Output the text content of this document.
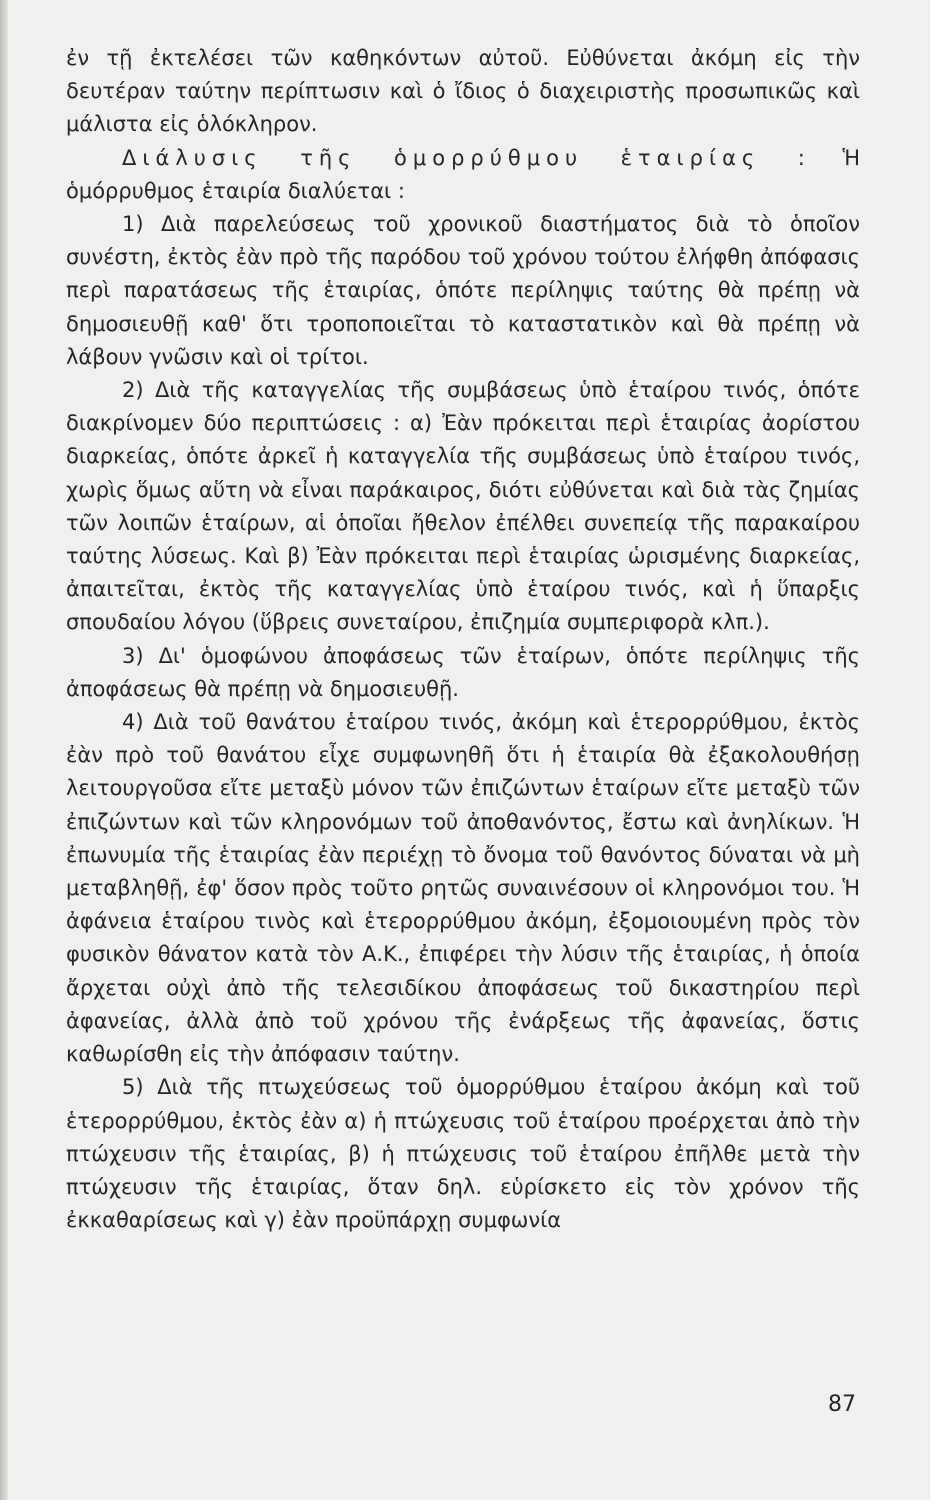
ἐν τῇ ἐκτελέσει τῶν καθηκόντων αὐτοῦ. Εὐθύνεται ἀκόμη εἰς τὴν δευτέραν ταύτην περίπτωσιν καὶ ὁ ἴδιος ὁ διαχειριστὴς προσωπικῶς καὶ μάλιστα εἰς ὁλόκληρον.

Διάλυσις τῆς ὁμορρύθμου ἑταιρίας : Ἡ ὁμόρρυθμος ἑταιρία διαλύεται :

1) Διὰ παρελεύσεως τοῦ χρονικοῦ διαστήματος διὰ τὸ ὁποῖον συνέστη, ἐκτὸς ἐὰν πρὸ τῆς παρόδου τοῦ χρόνου τούτου ἐλήφθη ἀπόφασις περὶ παρατάσεως τῆς ἑταιρίας, ὁπότε περίληψις ταύτης θὰ πρέπῃ νὰ δημοσιευθῇ καθ' ὅτι τροποποιεῖται τὸ καταστατικὸν καὶ θὰ πρέπῃ νὰ λάβουν γνῶσιν καὶ οἱ τρίτοι.

2) Διὰ τῆς καταγγελίας τῆς συμβάσεως ὑπὸ ἑταίρου τινός, ὁπότε διακρίνομεν δύο περιπτώσεις : α) Ἐὰν πρόκειται περὶ ἑταιρίας ἀορίστου διαρκείας, ὁπότε ἀρκεῖ ἡ καταγγελία τῆς συμβάσεως ὑπὸ ἑταίρου τινός, χωρὶς ὅμως αὕτη νὰ εἶναι παράκαιρος, διότι εὐθύνεται καὶ διὰ τὰς ζημίας τῶν λοιπῶν ἑταίρων, αἱ ὁποῖαι ἤθελον ἐπέλθει συνεπείᾳ τῆς παρακαίρου ταύτης λύσεως. Καὶ β) Ἐὰν πρόκειται περὶ ἑταιρίας ὡρισμένης διαρκείας, ἀπαιτεῖται, ἐκτὸς τῆς καταγγελίας ὑπὸ ἑταίρου τινός, καὶ ἡ ὕπαρξις σπουδαίου λόγου (ὕβρεις συνεταίρου, ἐπιζημία συμπεριφορὰ κλπ.).

3) Δι' ὁμοφώνου ἀποφάσεως τῶν ἑταίρων, ὁπότε περίληψις τῆς ἀποφάσεως θὰ πρέπῃ νὰ δημοσιευθῇ.

4) Διὰ τοῦ θανάτου ἑταίρου τινός, ἀκόμη καὶ ἑτερορρύθμου, ἐκτὸς ἐὰν πρὸ τοῦ θανάτου εἶχε συμφωνηθῆ ὅτι ἡ ἑταιρία θὰ ἐξακολουθήσῃ λειτουργοῦσα εἴτε μεταξὺ μόνον τῶν ἐπιζώντων ἑταίρων εἴτε μεταξὺ τῶν ἐπιζώντων καὶ τῶν κληρονόμων τοῦ ἀποθανόντος, ἔστω καὶ ἀνηλίκων. Ἡ ἐπωνυμία τῆς ἑταιρίας ἐὰν περιέχῃ τὸ ὄνομα τοῦ θανόντος δύναται νὰ μὴ μεταβληθῇ, ἐφ' ὅσον πρὸς τοῦτο ρητῶς συναινέσουν οἱ κληρονόμοι του. Ἡ ἀφάνεια ἑταίρου τινὸς καὶ ἑτερορρύθμου ἀκόμη, ἐξομοιουμένη πρὸς τὸν φυσικὸν θάνατον κατὰ τὸν Α.Κ., ἐπιφέρει τὴν λύσιν τῆς ἑταιρίας, ἡ ὁποία ἄρχεται οὐχὶ ἀπὸ τῆς τελεσιδίκου ἀποφάσεως τοῦ δικαστηρίου περὶ ἀφανείας, ἀλλὰ ἀπὸ τοῦ χρόνου τῆς ἐνάρξεως τῆς ἀφανείας, ὅστις καθωρίσθη εἰς τὴν ἀπόφασιν ταύτην.

5) Διὰ τῆς πτωχεύσεως τοῦ ὁμορρύθμου ἑταίρου ἀκόμη καὶ τοῦ ἑτερορρύθμου, ἐκτὸς ἐὰν α) ἡ πτώχευσις τοῦ ἑταίρου προέρχεται ἀπὸ τὴν πτώχευσιν τῆς ἑταιρίας, β) ἡ πτώχευσις τοῦ ἑταίρου ἐπῆλθε μετὰ τὴν πτώχευσιν τῆς ἑταιρίας, ὅταν δηλ. εὑρίσκετο εἰς τὸν χρόνον τῆς ἐκκαθαρίσεως καὶ γ) ἐὰν προϋπάρχῃ συμφωνία

87
